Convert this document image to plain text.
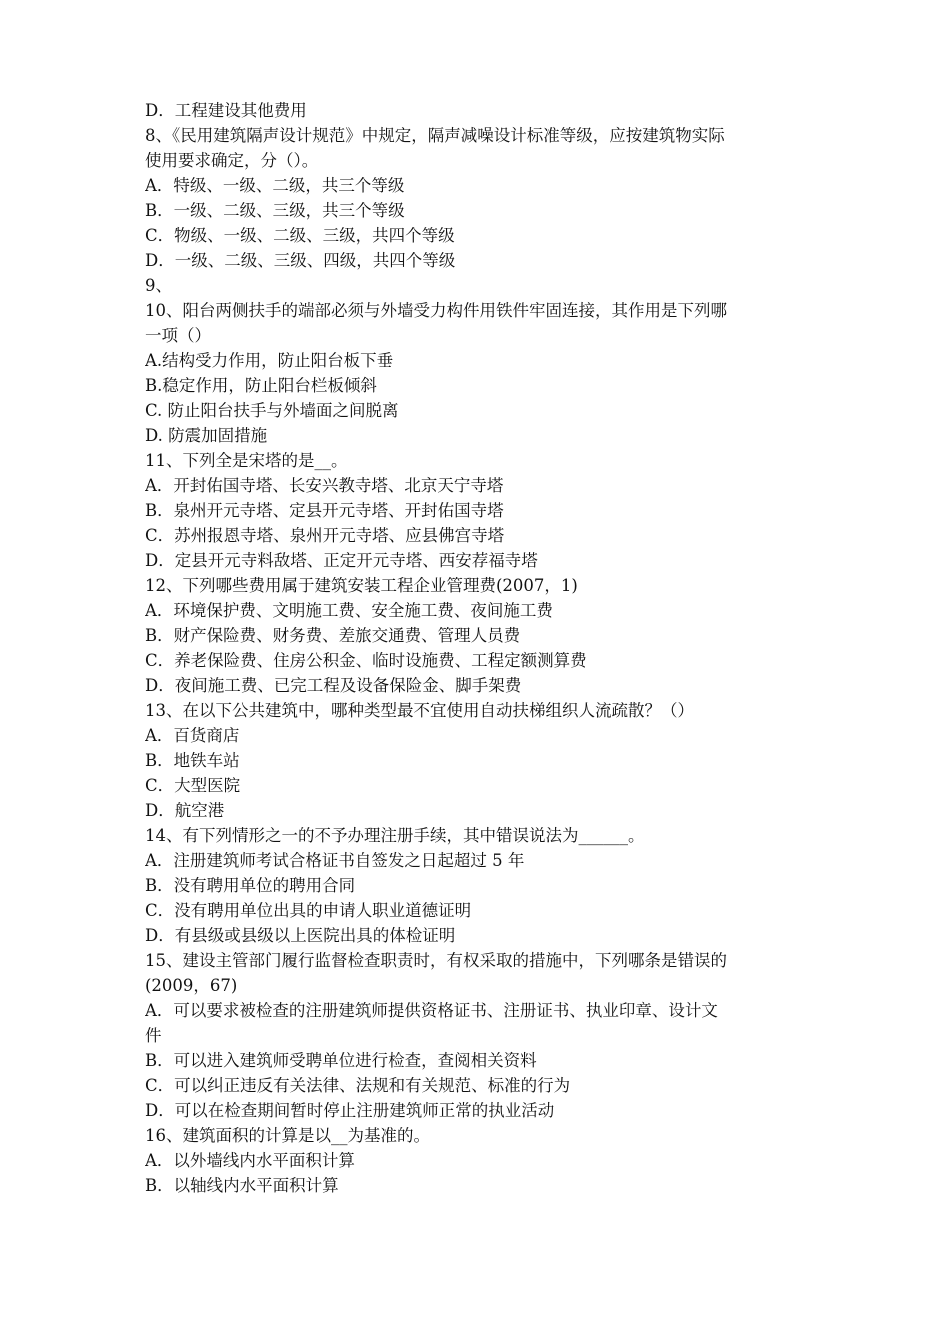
D．工程建设其他费用
8、《民用建筑隔声设计规范》中规定，隔声减噪设计标准等级，应按建筑物实际
使用要求确定，分（）。
A．特级、一级、二级，共三个等级
B．一级、二级、三级，共三个等级
C．物级、一级、二级、三级，共四个等级
D．一级、二级、三级、四级，共四个等级
9、
10、阳台两侧扶手的端部必须与外墙受力构件用铁件牢固连接，其作用是下列哪
一项（）
A.结构受力作用，防止阳台板下垂
B.稳定作用，防止阳台栏板倾斜
C. 防止阳台扶手与外墙面之间脱离
D. 防震加固措施
11、下列全是宋塔的是__。
A．开封佑国寺塔、长安兴教寺塔、北京天宁寺塔
B．泉州开元寺塔、定县开元寺塔、开封佑国寺塔
C．苏州报恩寺塔、泉州开元寺塔、应县佛宫寺塔
D．定县开元寺料敌塔、正定开元寺塔、西安荐福寺塔
12、下列哪些费用属于建筑安装工程企业管理费(2007，1)
A．环境保护费、文明施工费、安全施工费、夜间施工费
B．财产保险费、财务费、差旅交通费、管理人员费
C．养老保险费、住房公积金、临时设施费、工程定额测算费
D．夜间施工费、已完工程及设备保险金、脚手架费
13、在以下公共建筑中，哪种类型最不宜使用自动扶梯组织人流疏散？（）
A．百货商店
B．地铁车站
C．大型医院
D．航空港
14、有下列情形之一的不予办理注册手续，其中错误说法为______。
A．注册建筑师考试合格证书自签发之日起超过 5 年
B．没有聘用单位的聘用合同
C．没有聘用单位出具的申请人职业道德证明
D．有县级或县级以上医院出具的体检证明
15、建设主管部门履行监督检查职责时，有权采取的措施中，下列哪条是错误的
(2009，67)
A．可以要求被检查的注册建筑师提供资格证书、注册证书、执业印章、设计文
件
B．可以进入建筑师受聘单位进行检查，查阅相关资料
C．可以纠正违反有关法律、法规和有关规范、标准的行为
D．可以在检查期间暂时停止注册建筑师正常的执业活动
16、建筑面积的计算是以__为基准的。
A．以外墙线内水平面积计算
B．以轴线内水平面积计算
